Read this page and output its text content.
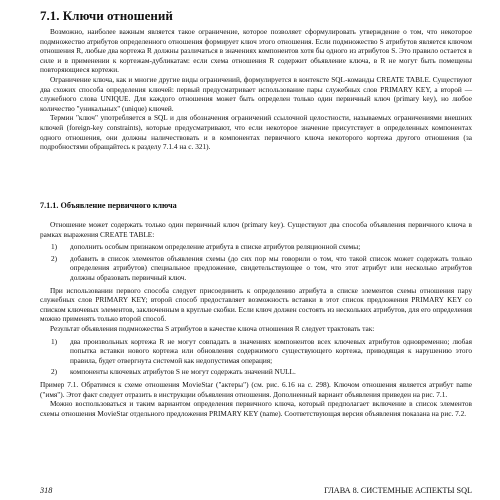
7.1. Ключи отношений

Возможно, наиболее важным является такое ограничение, которое позволяет сформулировать утверждение о том, что некоторое подмножество атрибутов определенного отношения формирует ключ этого отношения. Если подмножество S атрибутов является ключом отношения R, любые два кортежа R должны различаться в значениях компонентов хотя бы одного из атрибутов S. Это правило остается в силе и в применении к кортежам-дубликатам: если схема отношения R содержит объявление ключа, в R не могут быть помещены повторяющиеся кортежи.

Ограничение ключа, как и многие другие виды ограничений, формулируется в контексте SQL-команды CREATE TABLE. Существуют два схожих способа определения ключей: первый предусматривает использование пары служебных слов PRIMARY KEY, а второй — служебного слова UNIQUE. Для каждого отношения может быть определен только один первичный ключ (primary key), но любое количество "уникальных" (unique) ключей.

Термин "ключ" употребляется в SQL и для обозначения ограничений ссылочной целостности, называемых ограничениями внешних ключей (foreign-key constraints), которые предусматривают, что если некоторое значение присутствует в определенных компонентах одного отношения, они должны наличествовать и в компонентах первичного ключа некоторого кортежа другого отношения (за подробностями обращайтесь к разделу 7.1.4 на с. 321).

7.1.1. Объявление первичного ключа

Отношение может содержать только один первичный ключ (primary key). Существуют два способа объявления первичного ключа в рамках выражения CREATE TABLE:

1) дополнить особым признаком определение атрибута в списке атрибутов реляционной схемы;
2) добавить в список элементов объявления схемы (до сих пор мы говорили о том, что такой список может содержать только определения атрибутов) специальное предложение, свидетельствующее о том, что этот атрибут или несколько атрибутов должны образовать первичный ключ.

При использовании первого способа следует присоединить к определению атрибута в списке элементов схемы отношения пару служебных слов PRIMARY KEY; второй способ предоставляет возможность вставки в этот список предложения PRIMARY KEY со списком ключевых элементов, заключенным в круглые скобки. Если ключ должен состоять из нескольких атрибутов, для его определения можно применять только второй способ.

Результат объявления подмножества S атрибутов в качестве ключа отношения R следует трактовать так:

1) два произвольных кортежа R не могут совпадать в значениях компонентов всех ключевых атрибутов одновременно; любая попытка вставки нового кортежа или обновления содержимого существующего кортежа, приводящая к нарушению этого правила, будет отвергнута системой как недопустимая операция;
2) компоненты ключевых атрибутов S не могут содержать значений NULL.

Пример 7.1. Обратимся к схеме отношения MovieStar ("актеры") (см. рис. 6.16 на с. 298). Ключом отношения является атрибут name ("имя"). Этот факт следует отразить в инструкции объявления отношения. Дополненный вариант объявления приведен на рис. 7.1.

Можно воспользоваться и таким вариантом определения первичного ключа, который предполагает включение в список элементов схемы отношения MovieStar отдельного предложения PRIMARY KEY (name). Соответствующая версия объявления показана на рис. 7.2.

318	ГЛАВА 8. СИСТЕМНЫЕ АСПЕКТЫ SQL
